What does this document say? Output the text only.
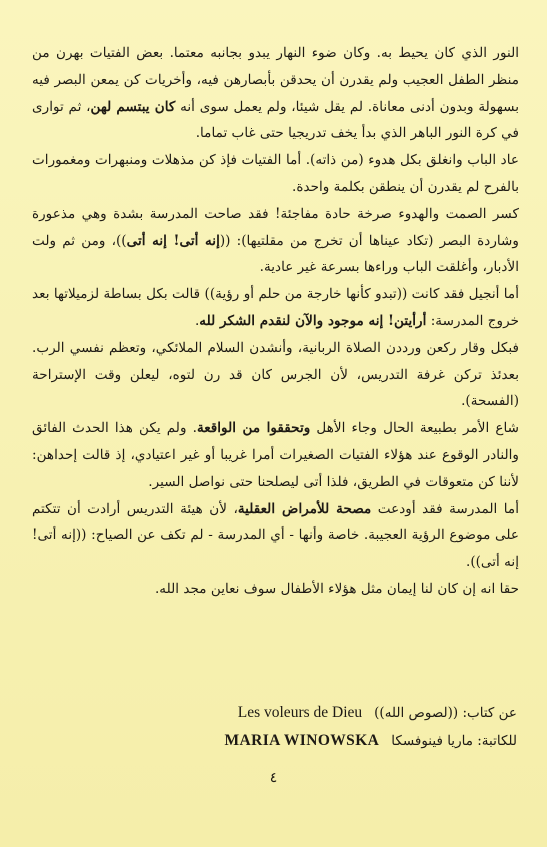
النور الذي كان يحيط به. وكان ضوء النهار يبدو بجانبه معتما. بعض الفتيات بهرن من منظر الطفل العجيب ولم يقدرن أن يحدقن بأبصارهن فيه، وأخريات كن يمعن البصر فيه بسهولة وبدون أدنى معاناة. لم يقل شيئا، ولم يعمل سوى أنه كان يبتسم لهن، ثم توارى في كرة النور الباهر الذي بدأ يخف تدريجيا حتى غاب تماما.

عاد الباب وانغلق بكل هدوء (من ذاته). أما الفتيات فإذ كن مذهلات ومنبهرات ومغمورات بالفرح لم يقدرن أن ينطقن بكلمة واحدة.

كسر الصمت والهدوء صرخة حادة مفاجئة! فقد صاحت المدرسة بشدة وهي مذعورة وشاردة البصر (تكاد عيناها أن تخرج من مقلتيها): ((إنه أتى! إنه أتى))، ومن ثم ولت الأدبار، وأغلقت الباب وراءها بسرعة غير عادية.

أما أنجيل فقد كانت ((تبدو كأنها خارجة من حلم أو رؤية)) قالت بكل بساطة لزميلاتها بعد خروج المدرسة: أرأيتن! إنه موجود والآن لنقدم الشكر لله.

فبكل وقار ركعن ورددن الصلاة الربانية، وأنشدن السلام الملائكي، وتعظم نفسي الرب. بعدئذ تركن غرفة التدريس، لأن الجرس كان قد رن لتوه، ليعلن وقت الإستراحة (الفسحة).

شاع الأمر بطبيعة الحال وجاء الأهل وتحققوا من الواقعة. ولم يكن هذا الحدث الفائق والنادر الوقوع عند هؤلاء الفتيات الصغيرات أمرا غريبا أو غير اعتيادي، إذ قالت إحداهن: لأننا كن متعوقات في الطريق، فلذا أتى ليصلحنا حتى نواصل السير.

أما المدرسة فقد أودعت مصحة للأمراض العقلية، لأن هيئة التدريس أرادت أن تتكتم على موضوع الرؤية العجيبة. خاصة وأنها - أي المدرسة - لم تكف عن الصياح: ((إنه أتى! إنه أتى)).

حقا انه إن كان لنا إيمان مثل هؤلاء الأطفال سوف نعاين مجد الله.

عن كتاب: ((لصوص الله))
Les voleurs de Dieu
للكاتبة: ماريا فينوفسكا
MARIA WINOWSKA
٤
